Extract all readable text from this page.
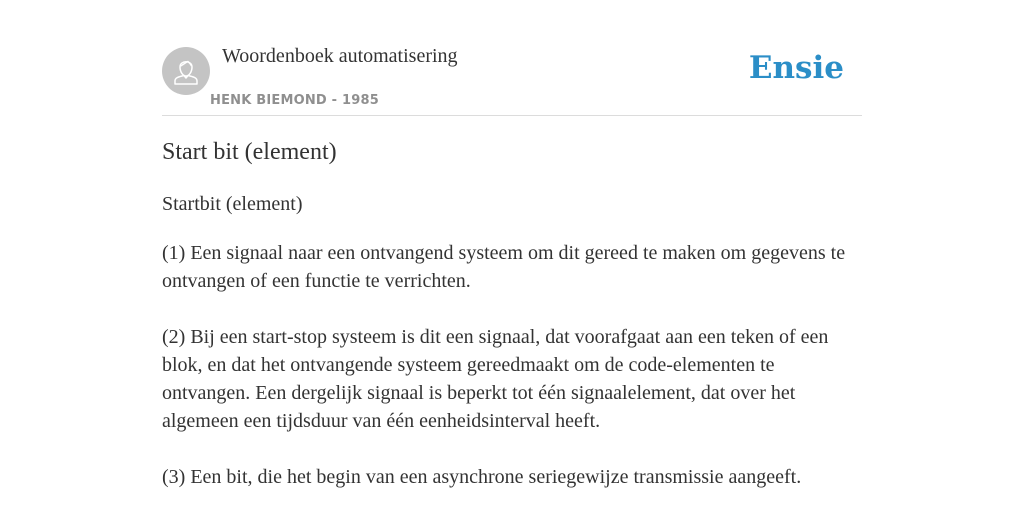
Woordenboek automatisering
HENK BIEMOND - 1985
Ensie
Start bit (element)
Startbit (element)

(1) Een signaal naar een ontvangend systeem om dit gereed te maken om gegevens te ontvangen of een functie te verrichten.

(2) Bij een start-stop systeem is dit een signaal, dat voorafgaat aan een teken of een blok, en dat het ontvangende systeem gereedmaakt om de code-elementen te ontvangen. Een dergelijk signaal is beperkt tot één signaalelement, dat over het algemeen een tijdsduur van één eenheidsinterval heeft.

(3) Een bit, die het begin van een asynchrone seriegewijze transmissie aangeeft.
